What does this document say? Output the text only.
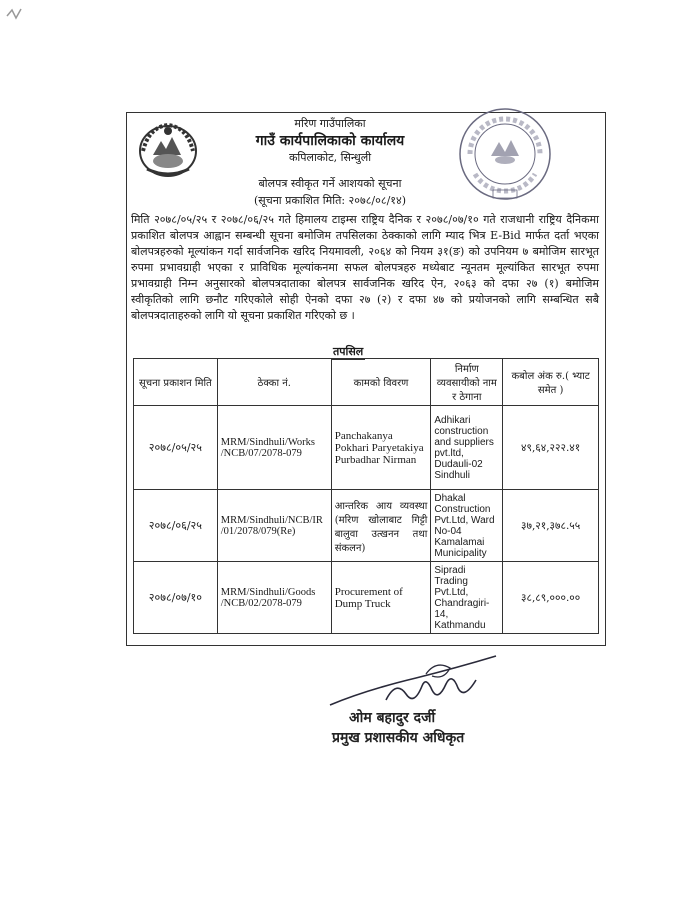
मरिण गाउँपालिका
गाउँ कार्यपालिकाको कार्यालय
कपिलाकोट, सिन्धुली
बोलपत्र स्वीकृत गर्ने आशयको सूचना
(सूचना प्रकाशित मिति: २०७८/०८/१४)
मिति २०७८/०५/२५ र २०७८/०६/२५ गते हिमालय टाइम्स राष्ट्रिय दैनिक र २०७८/०७/१० गते राजधानी राष्ट्रिय दैनिकमा प्रकाशित बोलपत्र आह्वान सम्बन्धी सूचना बमोजिम तपसिलका ठेक्काको लागि म्याद भित्र E-Bid मार्फत दर्ता भएका बोलपत्रहरुको मूल्यांकन गर्दा सार्वजनिक खरिद नियमावली, २०६४ को नियम ३१(ङ) को उपनियम ७ बमोजिम सारभूत रुपमा प्रभावग्राही भएका र प्राविधिक मूल्यांकनमा सफल बोलपत्रहरु मध्येबाट न्यूनतम मूल्यांकित सारभूत रुपमा प्रभावग्राही निम्न अनुसारको बोलपत्रदाताका बोलपत्र सार्वजनिक खरिद ऐन, २०६३ को दफा २७ (१) बमोजिम स्वीकृतिको लागि छनौट गरिएकोले सोही ऐनको दफा २७ (२) र दफा ४७ को प्रयोजनको लागि सम्बन्धित सबै बोलपत्रदाताहरुको लागि यो सूचना प्रकाशित गरिएको छ ।
तपसिल
सूचना प्रकाशन मिति	ठेक्का नं.	कामको विवरण	निर्माण व्यवसायीको नाम र ठेगाना	कबोल अंक रु.( भ्याट समेत )
२०७८/०५/२५	MRM/Sindhuli/Works /NCB/07/2078-079	Panchakanya Pokhari Paryetakiya Purbadhar Nirman	Adhikari construction and suppliers pvt.ltd, Dudauli-02 Sindhuli	४९,६४,२२२.४१
२०७८/०६/२५	MRM/Sindhuli/NCB/IR /01/2078/079(Re)	आन्तरिक आय व्यवस्था (मरिण खोलाबाट गिट्टी बालुवा उत्खनन तथा संकलन)	Dhakal Construction Pvt.Ltd, Ward No-04 Kamalamai Municipality	३७,२१,३७८.५५
२०७८/०७/१०	MRM/Sindhuli/Goods /NCB/02/2078-079	Procurement of Dump Truck	Sipradi Trading Pvt.Ltd, Chandragiri-14, Kathmandu	३८,८९,०००.००
ओम बहादुर दर्जी
प्रमुख प्रशासकीय अधिकृत
